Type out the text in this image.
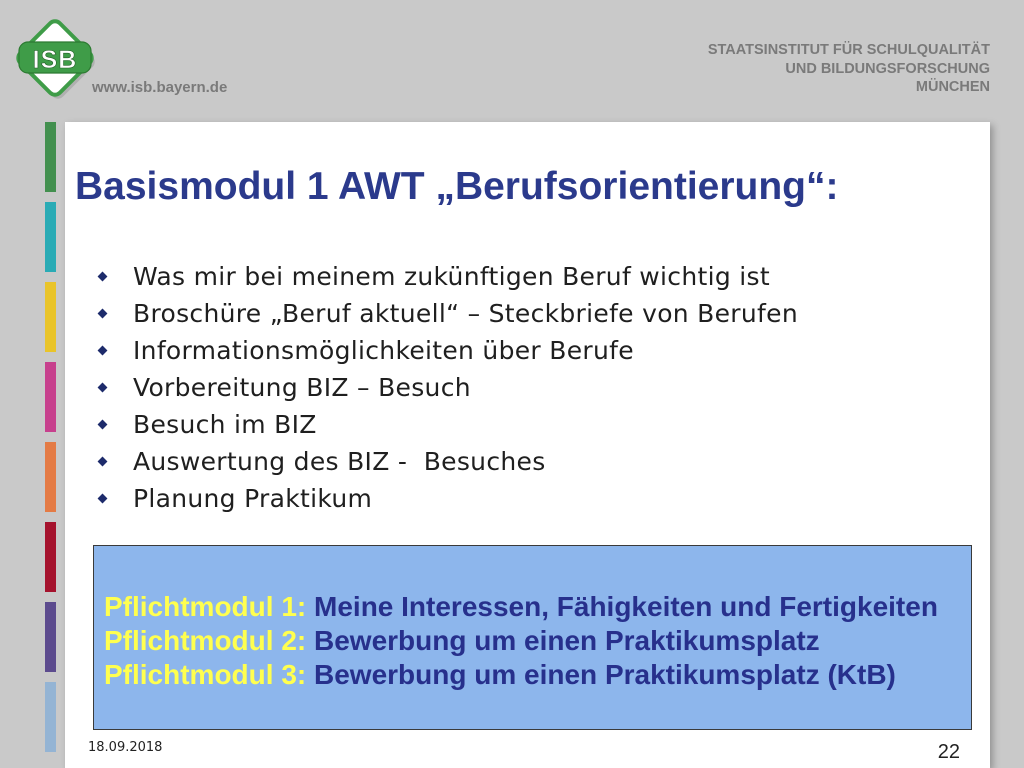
ISB
www.isb.bayern.de
STAATSINSTITUT FÜR SCHULQUALITÄT
UND BILDUNGSFORSCHUNG
MÜNCHEN
Basismodul 1 AWT „Berufsorientierung“:
Was mir bei meinem zukünftigen Beruf wichtig ist
Broschüre „Beruf aktuell“ – Steckbriefe von Berufen
Informationsmöglichkeiten über Berufe
Vorbereitung BIZ – Besuch
Besuch im BIZ
Auswertung des BIZ -  Besuches
Planung Praktikum
Pflichtmodul 1: Meine Interessen, Fähigkeiten und Fertigkeiten
Pflichtmodul 2: Bewerbung um einen Praktikumsplatz
Pflichtmodul 3: Bewerbung um einen Praktikumsplatz (KtB)
18.09.2018	22
